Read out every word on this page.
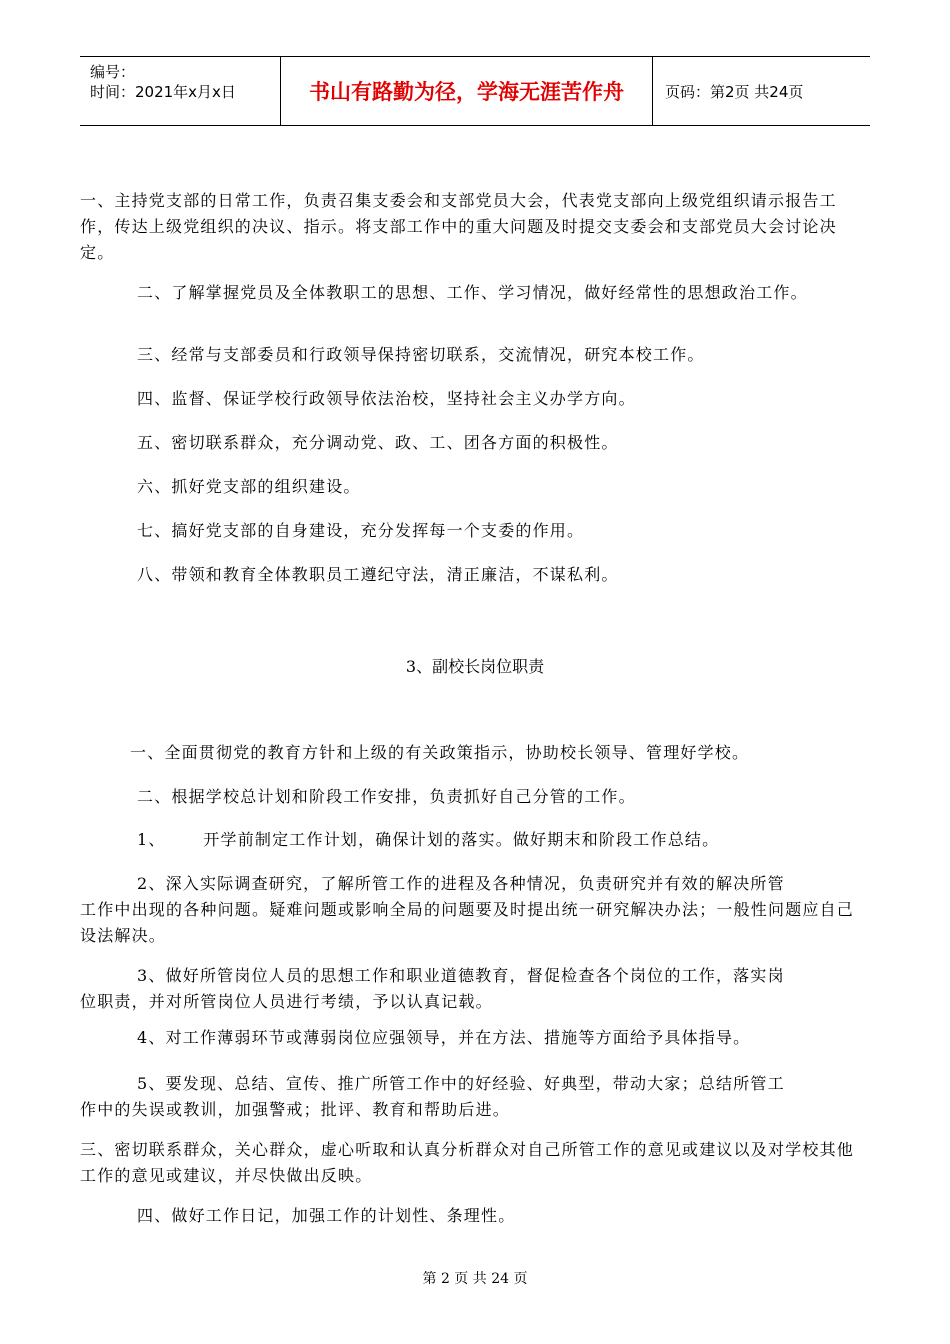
编号：
时间：2021年x月x日	书山有路勤为径，学海无涯苦作舟	页码：第2页 共24页
一、主持党支部的日常工作，负责召集支委会和支部党员大会，代表党支部向上级党组织请示报告工作，传达上级党组织的决议、指示。将支部工作中的重大问题及时提交支委会和支部党员大会讨论决定。
二、了解掌握党员及全体教职工的思想、工作、学习情况，做好经常性的思想政治工作。
三、经常与支部委员和行政领导保持密切联系，交流情况，研究本校工作。
四、监督、保证学校行政领导依法治校，坚持社会主义办学方向。
五、密切联系群众，充分调动党、政、工、团各方面的积极性。
六、抓好党支部的组织建设。
七、搞好党支部的自身建设，充分发挥每一个支委的作用。
八、带领和教育全体教职员工遵纪守法，清正廉洁，不谋私利。
3、副校长岗位职责
一、全面贯彻党的教育方针和上级的有关政策指示，协助校长领导、管理好学校。
二、根据学校总计划和阶段工作安排，负责抓好自己分管的工作。
1、      开学前制定工作计划，确保计划的落实。做好期末和阶段工作总结。
2、深入实际调查研究，了解所管工作的进程及各种情况，负责研究并有效的解决所管
工作中出现的各种问题。疑难问题或影响全局的问题要及时提出统一研究解决办法；一般性问题应自己设法解决。
3、做好所管岗位人员的思想工作和职业道德教育，督促检查各个岗位的工作，落实岗
位职责，并对所管岗位人员进行考绩，予以认真记载。
4、对工作薄弱环节或薄弱岗位应强领导，并在方法、措施等方面给予具体指导。
5、要发现、总结、宣传、推广所管工作中的好经验、好典型，带动大家；总结所管工
作中的失误或教训，加强警戒；批评、教育和帮助后进。
三、密切联系群众，关心群众，虚心听取和认真分析群众对自己所管工作的意见或建议以及对学校其他工作的意见或建议，并尽快做出反映。
四、做好工作日记，加强工作的计划性、条理性。
第 2 页 共 24 页
